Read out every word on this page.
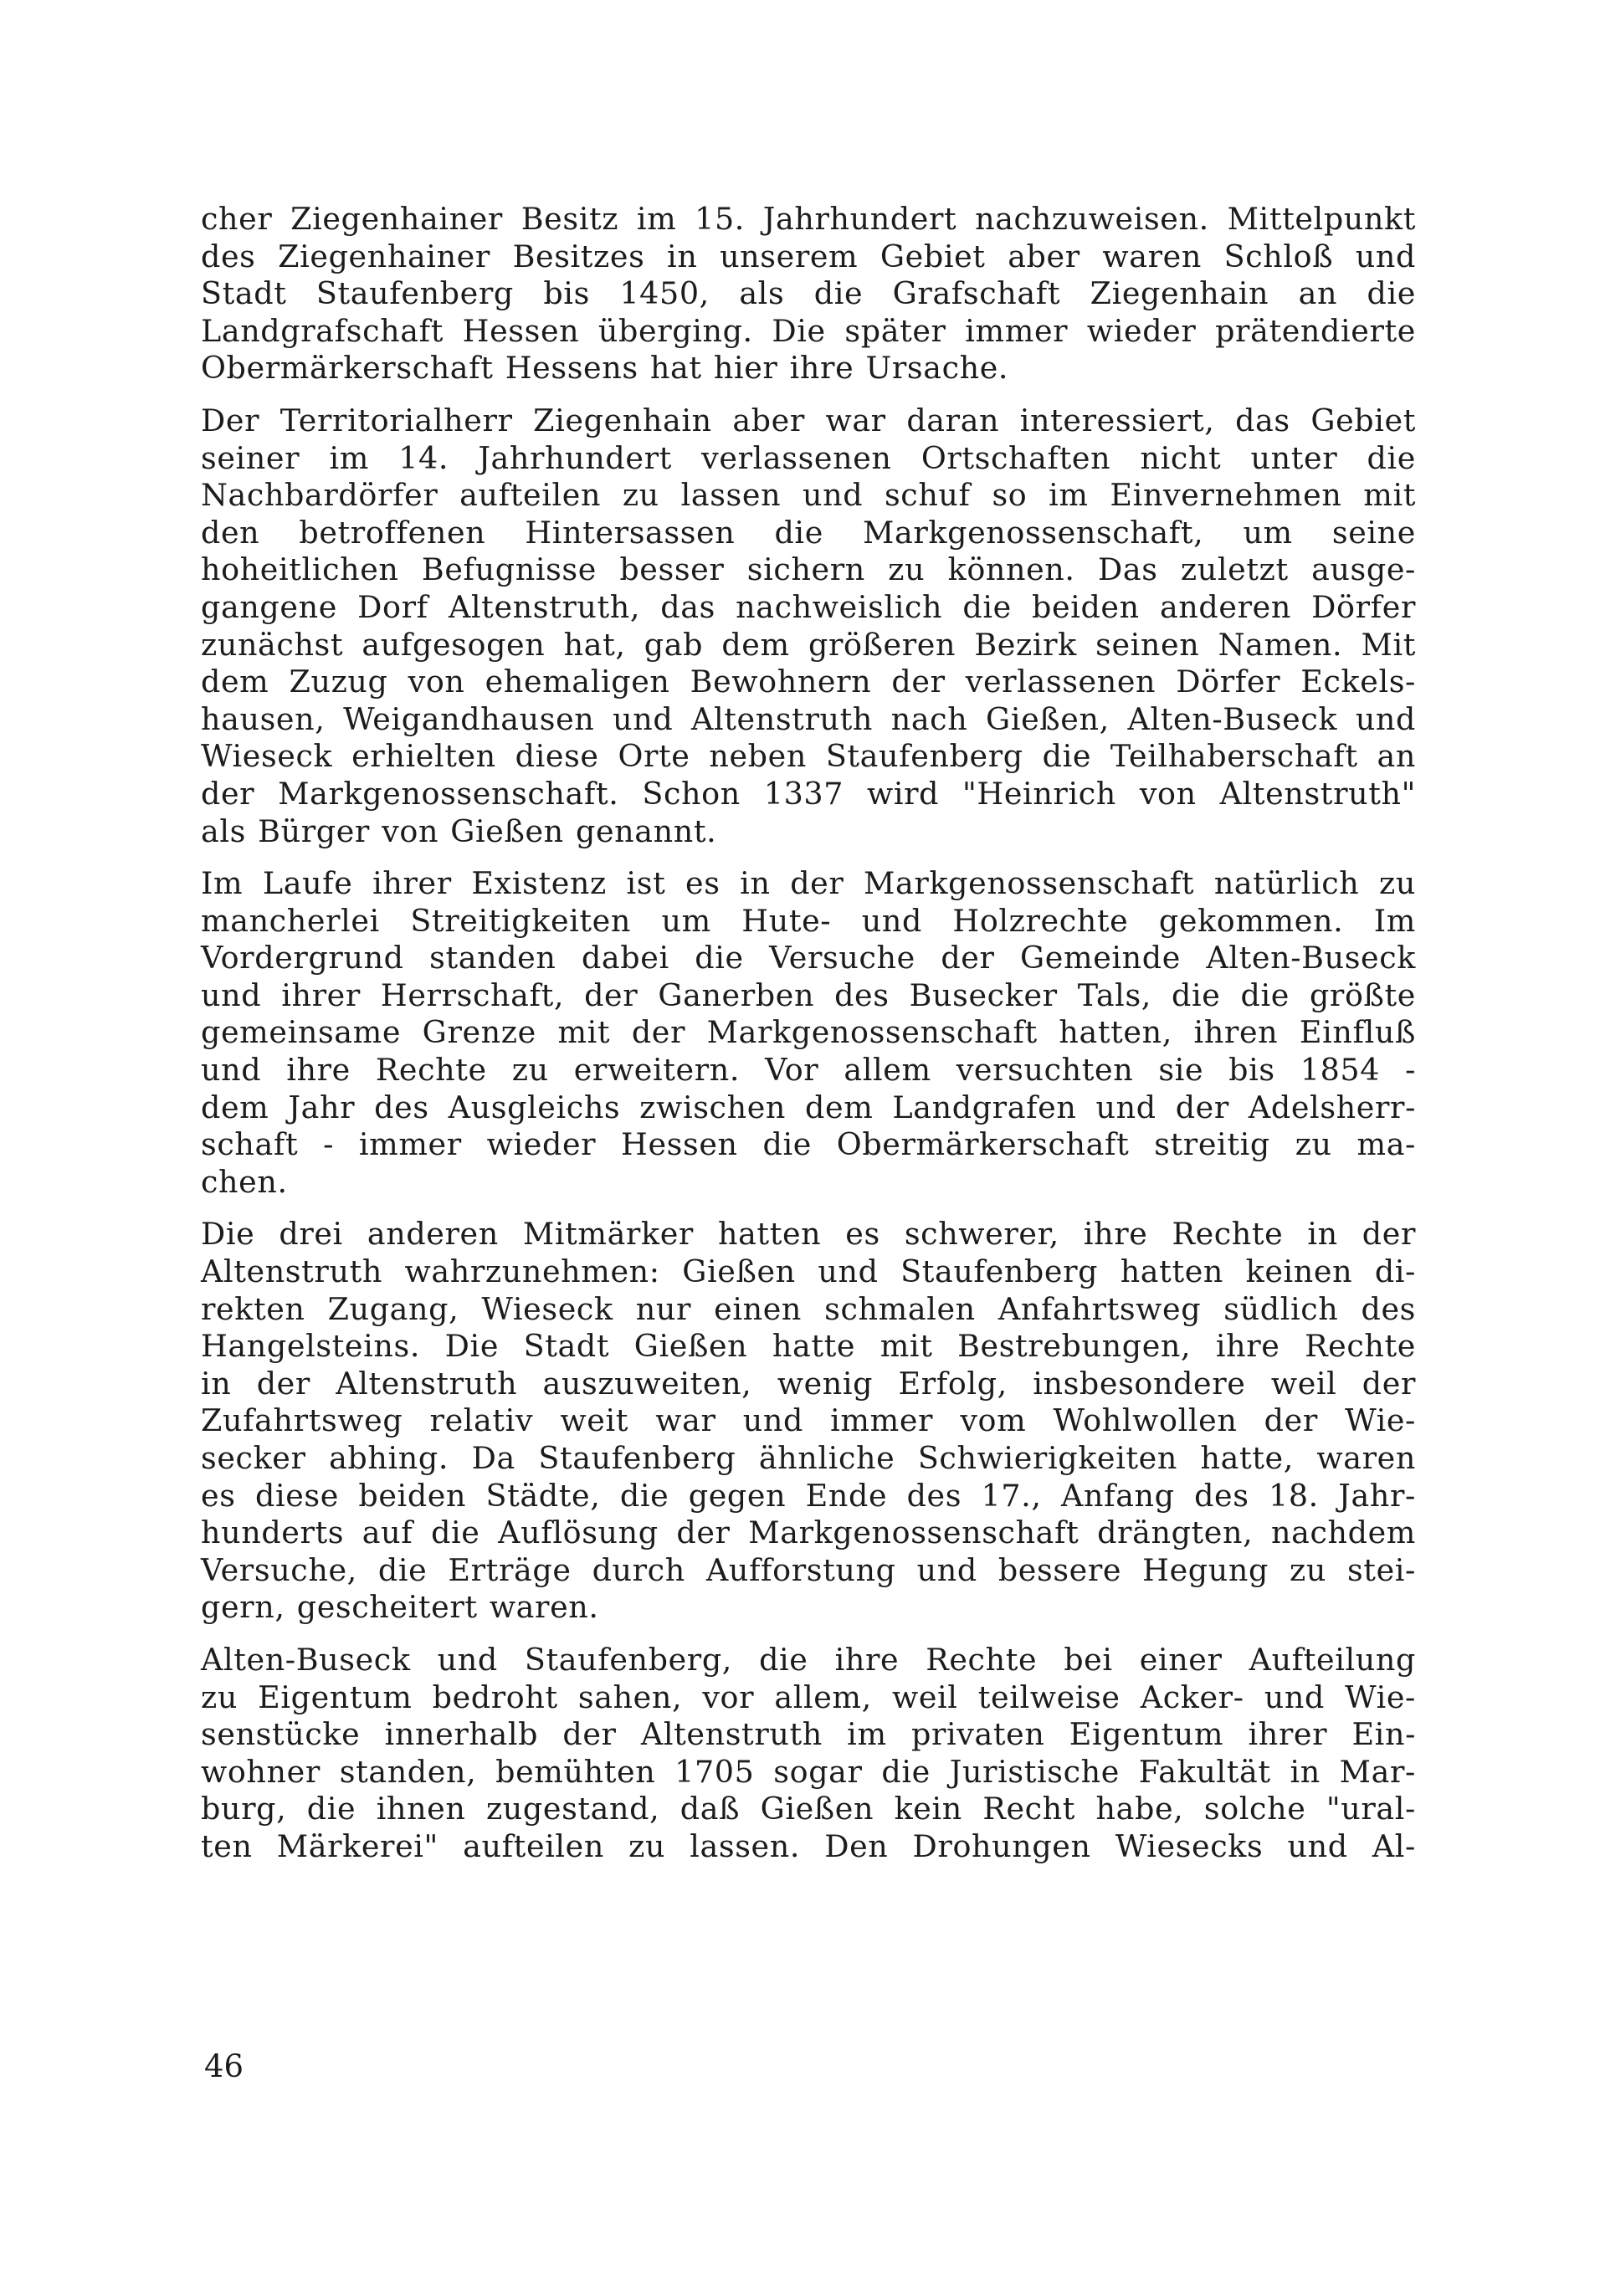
cher Ziegenhainer Besitz im 15. Jahrhundert nachzuweisen. Mittelpunkt
des Ziegenhainer Besitzes in unserem Gebiet aber waren Schloß und
Stadt Staufenberg bis 1450, als die Grafschaft Ziegenhain an die
Landgrafschaft Hessen überging. Die später immer wieder prätendierte
Obermärkerschaft Hessens hat hier ihre Ursache.
Der Territorialherr Ziegenhain aber war daran interessiert, das Gebiet
seiner im 14. Jahrhundert verlassenen Ortschaften nicht unter die
Nachbardörfer aufteilen zu lassen und schuf so im Einvernehmen mit
den betroffenen Hintersassen die Markgenossenschaft, um seine
hoheitlichen Befugnisse besser sichern zu können. Das zuletzt ausge-
gangene Dorf Altenstruth, das nachweislich die beiden anderen Dörfer
zunächst aufgesogen hat, gab dem größeren Bezirk seinen Namen. Mit
dem Zuzug von ehemaligen Bewohnern der verlassenen Dörfer Eckels-
hausen, Weigandhausen und Altenstruth nach Gießen, Alten-Buseck und
Wieseck erhielten diese Orte neben Staufenberg die Teilhaberschaft an
der Markgenossenschaft. Schon 1337 wird "Heinrich von Altenstruth"
als Bürger von Gießen genannt.
Im Laufe ihrer Existenz ist es in der Markgenossenschaft natürlich zu
mancherlei Streitigkeiten um Hute- und Holzrechte gekommen. Im
Vordergrund standen dabei die Versuche der Gemeinde Alten-Buseck
und ihrer Herrschaft, der Ganerben des Busecker Tals, die die größte
gemeinsame Grenze mit der Markgenossenschaft hatten, ihren Einfluß
und ihre Rechte zu erweitern. Vor allem versuchten sie bis 1854 -
dem Jahr des Ausgleichs zwischen dem Landgrafen und der Adelsherr-
schaft - immer wieder Hessen die Obermärkerschaft streitig zu ma-
chen.
Die drei anderen Mitmärker hatten es schwerer, ihre Rechte in der
Altenstruth wahrzunehmen: Gießen und Staufenberg hatten keinen di-
rekten Zugang, Wieseck nur einen schmalen Anfahrtsweg südlich des
Hangelsteins. Die Stadt Gießen hatte mit Bestrebungen, ihre Rechte
in der Altenstruth auszuweiten, wenig Erfolg, insbesondere weil der
Zufahrtsweg relativ weit war und immer vom Wohlwollen der Wie-
secker abhing. Da Staufenberg ähnliche Schwierigkeiten hatte, waren
es diese beiden Städte, die gegen Ende des 17., Anfang des 18. Jahr-
hunderts auf die Auflösung der Markgenossenschaft drängten, nachdem
Versuche, die Erträge durch Aufforstung und bessere Hegung zu stei-
gern, gescheitert waren.
Alten-Buseck und Staufenberg, die ihre Rechte bei einer Aufteilung
zu Eigentum bedroht sahen, vor allem, weil teilweise Acker- und Wie-
senstücke innerhalb der Altenstruth im privaten Eigentum ihrer Ein-
wohner standen, bemühten 1705 sogar die Juristische Fakultät in Mar-
burg, die ihnen zugestand, daß Gießen kein Recht habe, solche "ural-
ten Märkerei" aufteilen zu lassen. Den Drohungen Wiesecks und Al-
46
